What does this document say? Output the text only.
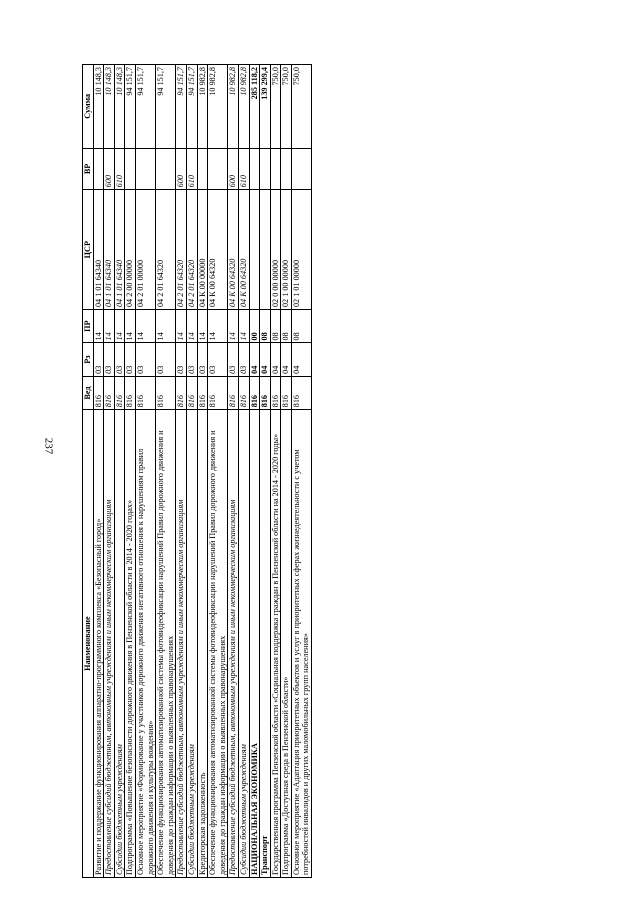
237
Наименование	Вед	Рз	ПР	ЦСР	ВР	Сумма
Развитие и поддержание функционирования аппаратно-программного комплекса «Безопасный город»	816	03	14	04 1 01 64340		10 148,3
Предоставление субсидий бюджетным, автономным учреждениям и иным некоммерческим организациям	816	03	14	04 1 01 64340	600	10 148,3
Субсидии бюджетным учреждениям	816	03	14	04 1 01 64340	610	10 148,3
Подпрограмма «Повышение безопасности дорожного движения в Пензенской области в 2014 - 2020 годах»	816	03	14	04 2 00 00000		94 151,7
Основное мероприятие «Формирование у участников дорожного движения негативного отношения к нарушениям правил дорожного движения и культуры вождения»	816	03	14	04 2 01 00000		94 151,7
Обеспечение функционирования автоматизированной системы фотовидеофиксации нарушений Правил дорожного движения и доведения до граждан информации о выявленных правонарушениях	816	03	14	04 2 01 64320		94 151,7
Предоставление субсидий бюджетным, автономным учреждениям и иным некоммерческим организациям	816	03	14	04 2 01 64320	600	94 151,7
Субсидии бюджетным учреждениям	816	03	14	04 2 01 64320	610	94 151,7
Кредиторская задолженность	816	03	14	04 К 00 00000		10 982,8
Обеспечение функционирования автоматизированной системы фотовидеофиксации нарушений Правил дорожного движения и доведения до граждан информации о выявленных правонарушениях	816	03	14	04 К 00 64320		10 982,8
Предоставление субсидий бюджетным, автономным учреждениям и иным некоммерческим организациям	816	03	14	04 К 00 64320	600	10 982,8
Субсидии бюджетным учреждениям	816	03	14	04 К 00 64320	610	10 982,8
НАЦИОНАЛЬНАЯ ЭКОНОМИКА	816	04	00			285 118,2
Транспорт	816	04	08			139 299,4
Государственная программа Пензенской области «Социальная поддержка граждан в Пензенской области на 2014 - 2020 годы»	816	04	08	02 0 00 00000		750,0
Подпрограмма «Доступная среда в Пензенской области»	816	04	08	02 1 00 00000		750,0
Основное мероприятие «Адаптация приоритетных объектов и услуг в приоритетных сферах жизнедеятельности с учетом потребностей инвалидов и других маломобильных групп населения»	816	04	08	02 1 01 00000		750,0
